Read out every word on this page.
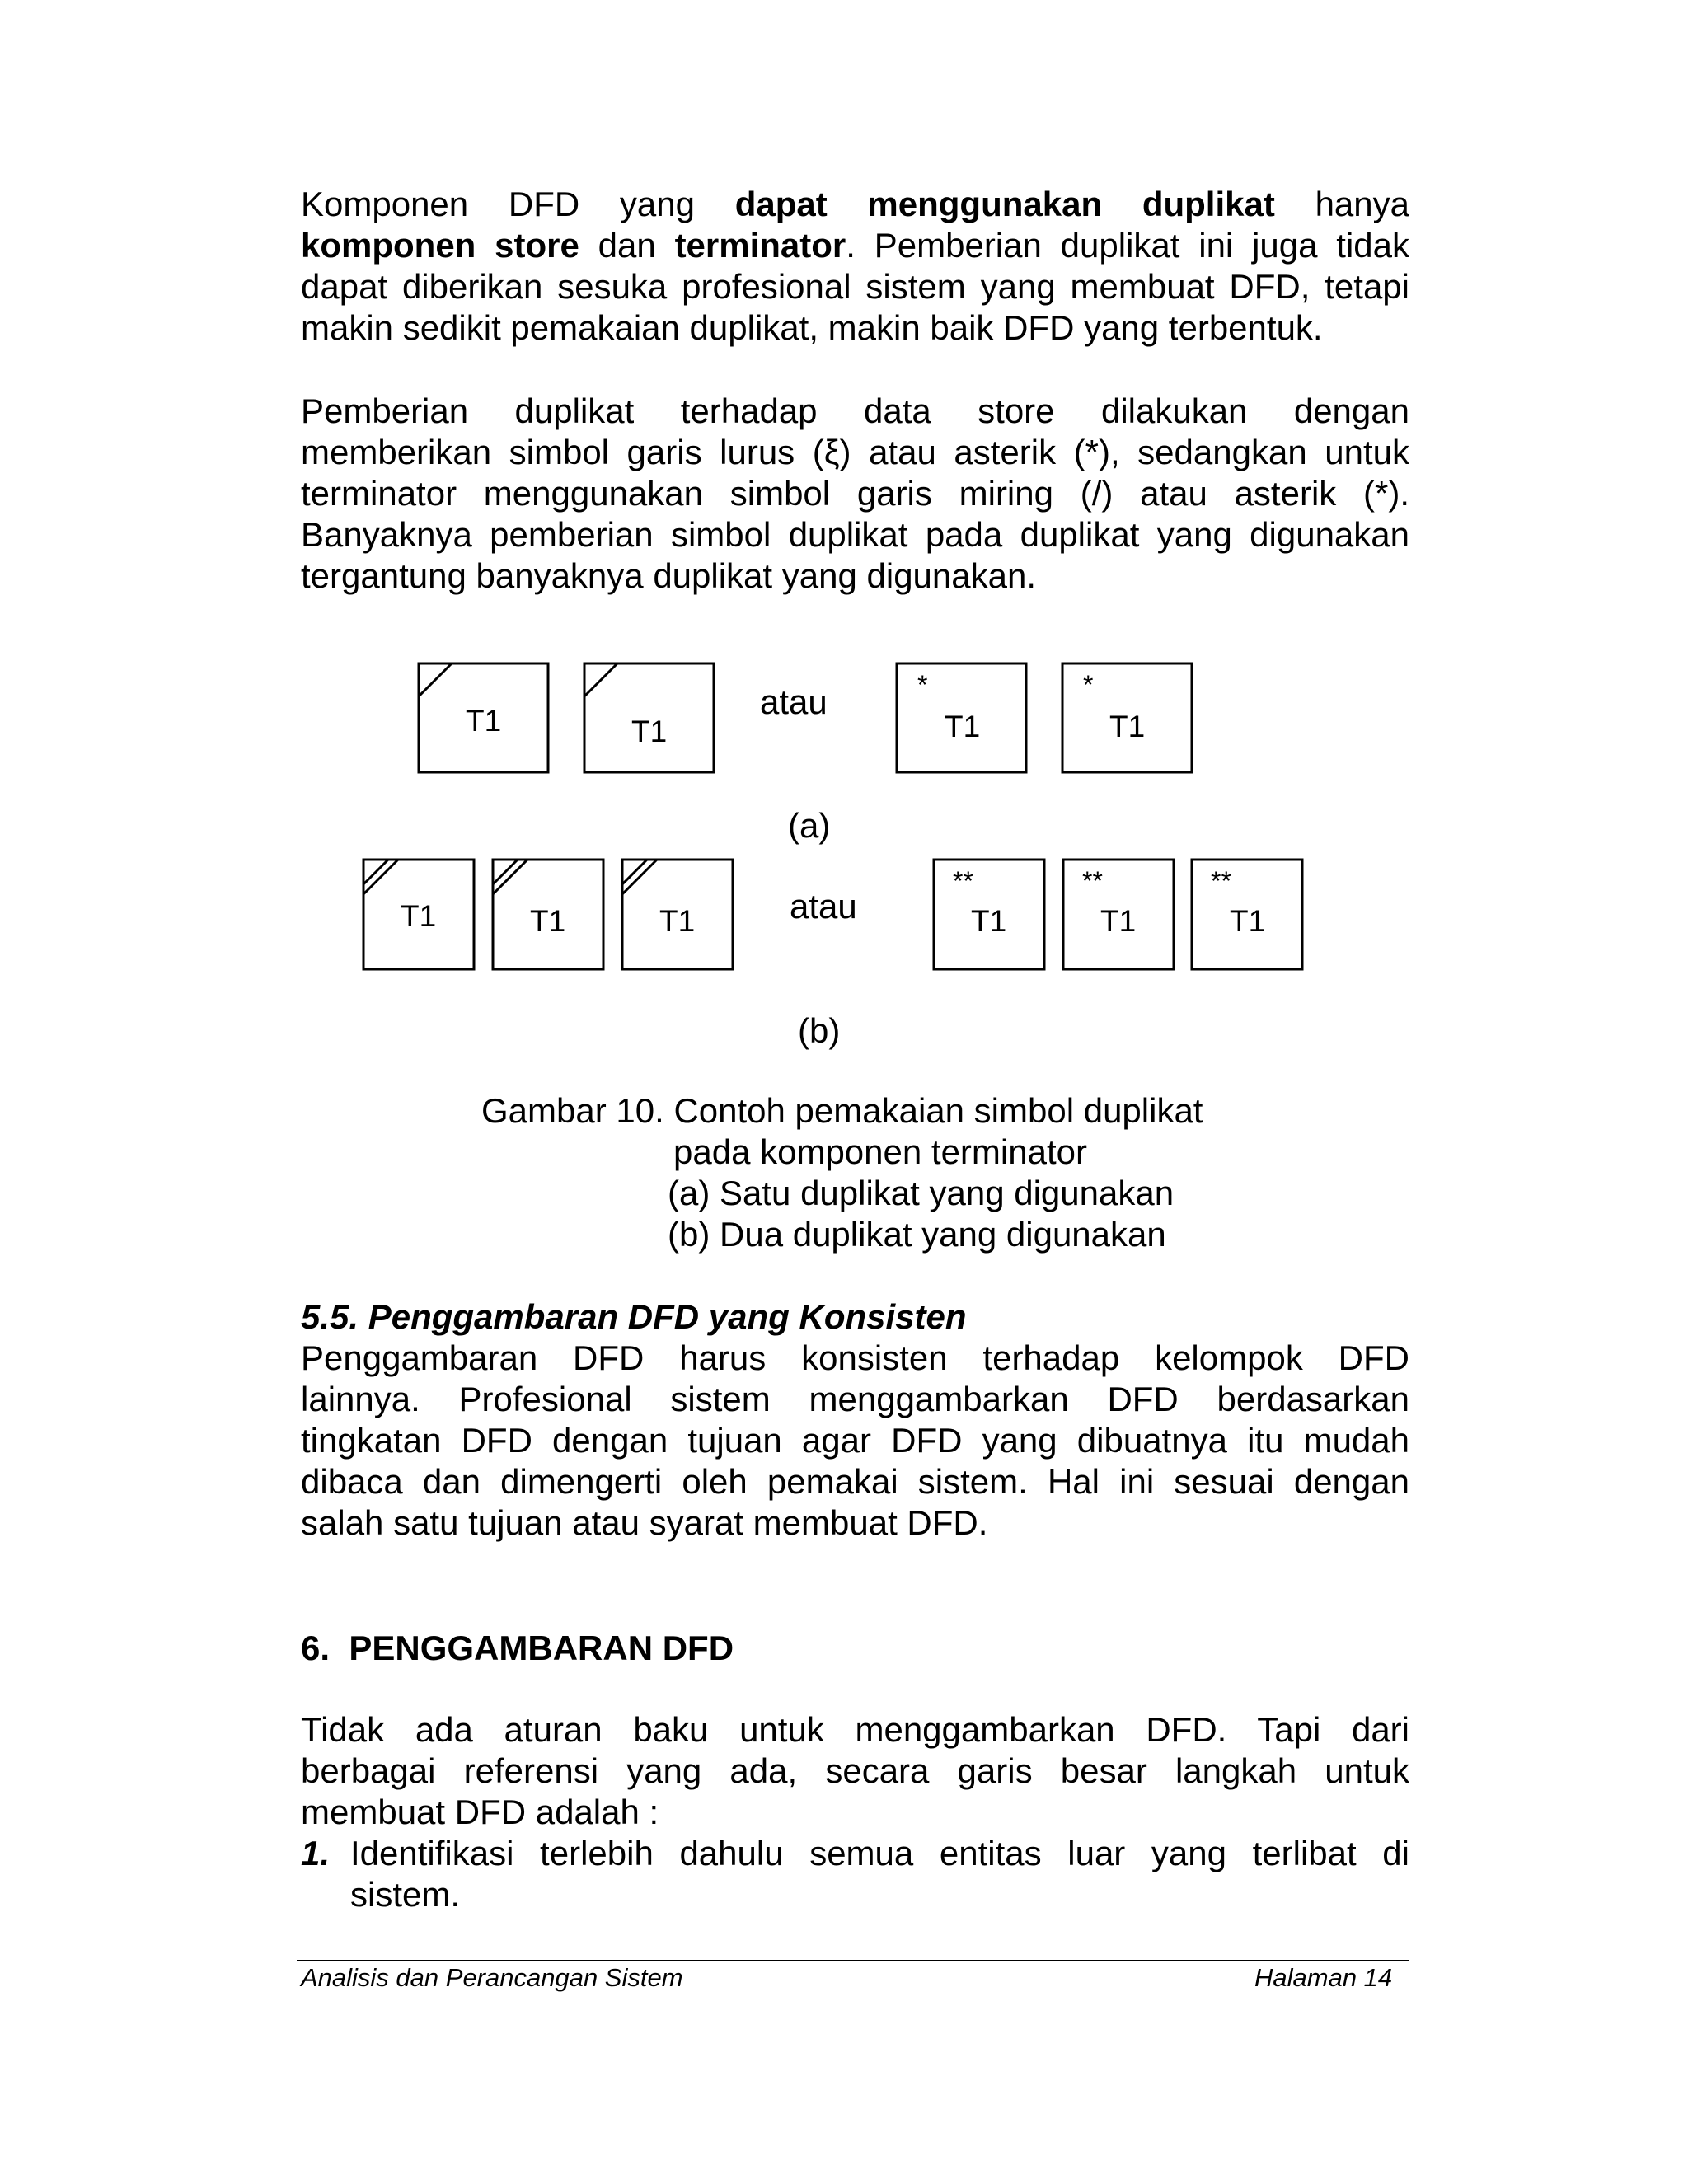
Komponen DFD yang dapat menggunakan duplikat hanya
komponen store dan terminator. Pemberian duplikat ini juga tidak
dapat diberikan sesuka profesional sistem yang membuat DFD, tetapi
makin sedikit pemakaian duplikat, makin baik DFD yang terbentuk.
Pemberian duplikat terhadap data store dilakukan dengan
memberikan simbol garis lurus (ξ) atau asterik (*), sedangkan untuk
terminator menggunakan simbol garis miring (/) atau asterik (*).
Banyaknya pemberian simbol duplikat pada duplikat yang digunakan
tergantung banyaknya duplikat yang digunakan.
T1	T1	T1	T1
T1	T1	T1	T1	T1	T1
*	*
**	**	**
atau
atau
(a)
(b)
Gambar 10. Contoh pemakaian simbol duplikat
pada komponen terminator
(a) Satu duplikat yang digunakan
(b) Dua duplikat yang digunakan
5.5. Penggambaran DFD yang Konsisten
Penggambaran DFD harus konsisten terhadap kelompok DFD
lainnya. Profesional sistem menggambarkan DFD berdasarkan
tingkatan DFD dengan tujuan agar DFD yang dibuatnya itu mudah
dibaca dan dimengerti oleh pemakai sistem. Hal ini sesuai dengan
salah satu tujuan atau syarat membuat DFD.
6.  PENGGAMBARAN DFD
Tidak ada aturan baku untuk menggambarkan DFD. Tapi dari
berbagai referensi yang ada, secara garis besar langkah untuk
membuat DFD adalah :
1. Identifikasi terlebih dahulu semua entitas luar yang terlibat di
sistem.
Analisis dan Perancangan Sistem	Halaman 14
